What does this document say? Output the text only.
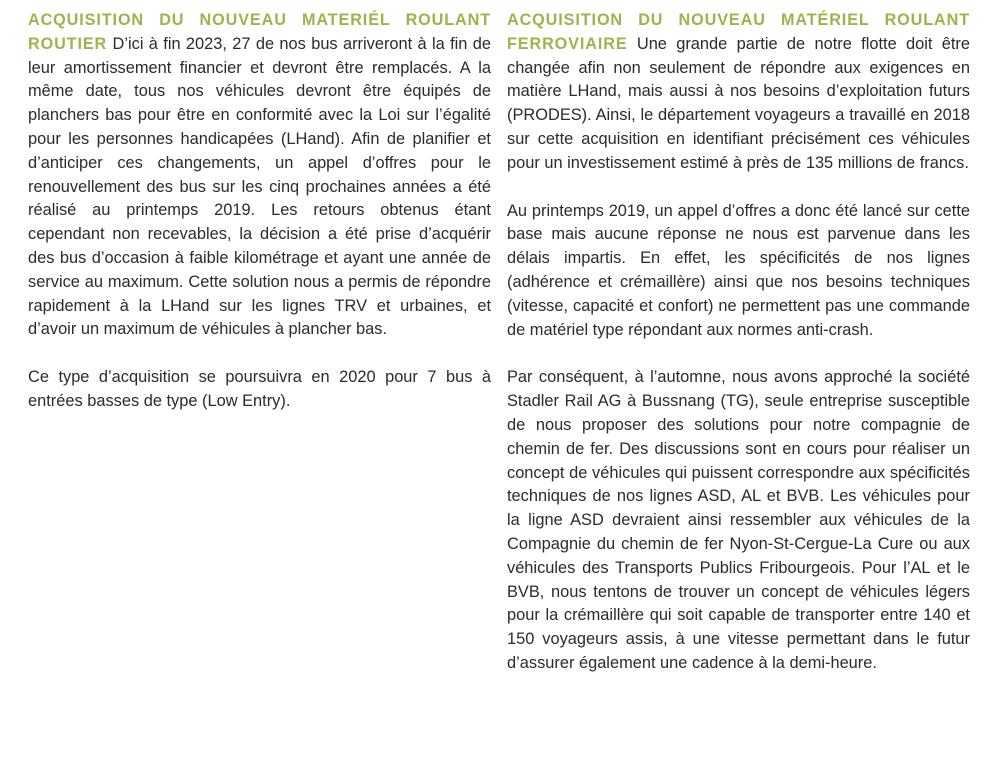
ACQUISITION DU NOUVEAU MATERIÉL ROULANT ROUTIER D’ici à fin 2023, 27 de nos bus arriveront à la fin de leur amortissement financier et devront être remplacés. A la même date, tous nos véhicules devront être équipés de planchers bas pour être en conformité avec la Loi sur l’égalité pour les personnes handicapées (LHand). Afin de planifier et d’anticiper ces changements, un appel d’offres pour le renouvellement des bus sur les cinq prochaines années a été réalisé au printemps 2019. Les retours obtenus étant cependant non recevables, la décision a été prise d’acquérir des bus d’occasion à faible kilométrage et ayant une année de service au maximum. Cette solution nous a permis de répondre rapidement à la LHand sur les lignes TRV et urbaines, et d’avoir un maximum de véhicules à plancher bas.

Ce type d’acquisition se poursuivra en 2020 pour 7 bus à entrées basses de type (Low Entry).

ACQUISITION DU NOUVEAU MATÉRIEL ROULANT FERROVIAIRE Une grande partie de notre flotte doit être changée afin non seulement de répondre aux exigences en matière LHand, mais aussi à nos besoins d’exploitation futurs (PRODES). Ainsi, le département voyageurs a travaillé en 2018 sur cette acquisition en identifiant précisément ces véhicules pour un investissement estimé à près de 135 millions de francs.

Au printemps 2019, un appel d’offres a donc été lancé sur cette base mais aucune réponse ne nous est parvenue dans les délais impartis. En effet, les spécificités de nos lignes (adhérence et crémaillère) ainsi que nos besoins techniques (vitesse, capacité et confort) ne permettent pas une commande de matériel type répondant aux normes anti-crash.

Par conséquent, à l’automne, nous avons approché la société Stadler Rail AG à Bussnang (TG), seule entreprise susceptible de nous proposer des solutions pour notre compagnie de chemin de fer. Des discussions sont en cours pour réaliser un concept de véhicules qui puissent correspondre aux spécificités techniques de nos lignes ASD, AL et BVB. Les véhicules pour la ligne ASD devraient ainsi ressembler aux véhicules de la Compagnie du chemin de fer Nyon-St-Cergue-La Cure ou aux véhicules des Transports Publics Fribourgeois. Pour l’AL et le BVB, nous tentons de trouver un concept de véhicules légers pour la crémaillère qui soit capable de transporter entre 140 et 150 voyageurs assis, à une vitesse permettant dans le futur d’assurer également une cadence à la demi-heure.
